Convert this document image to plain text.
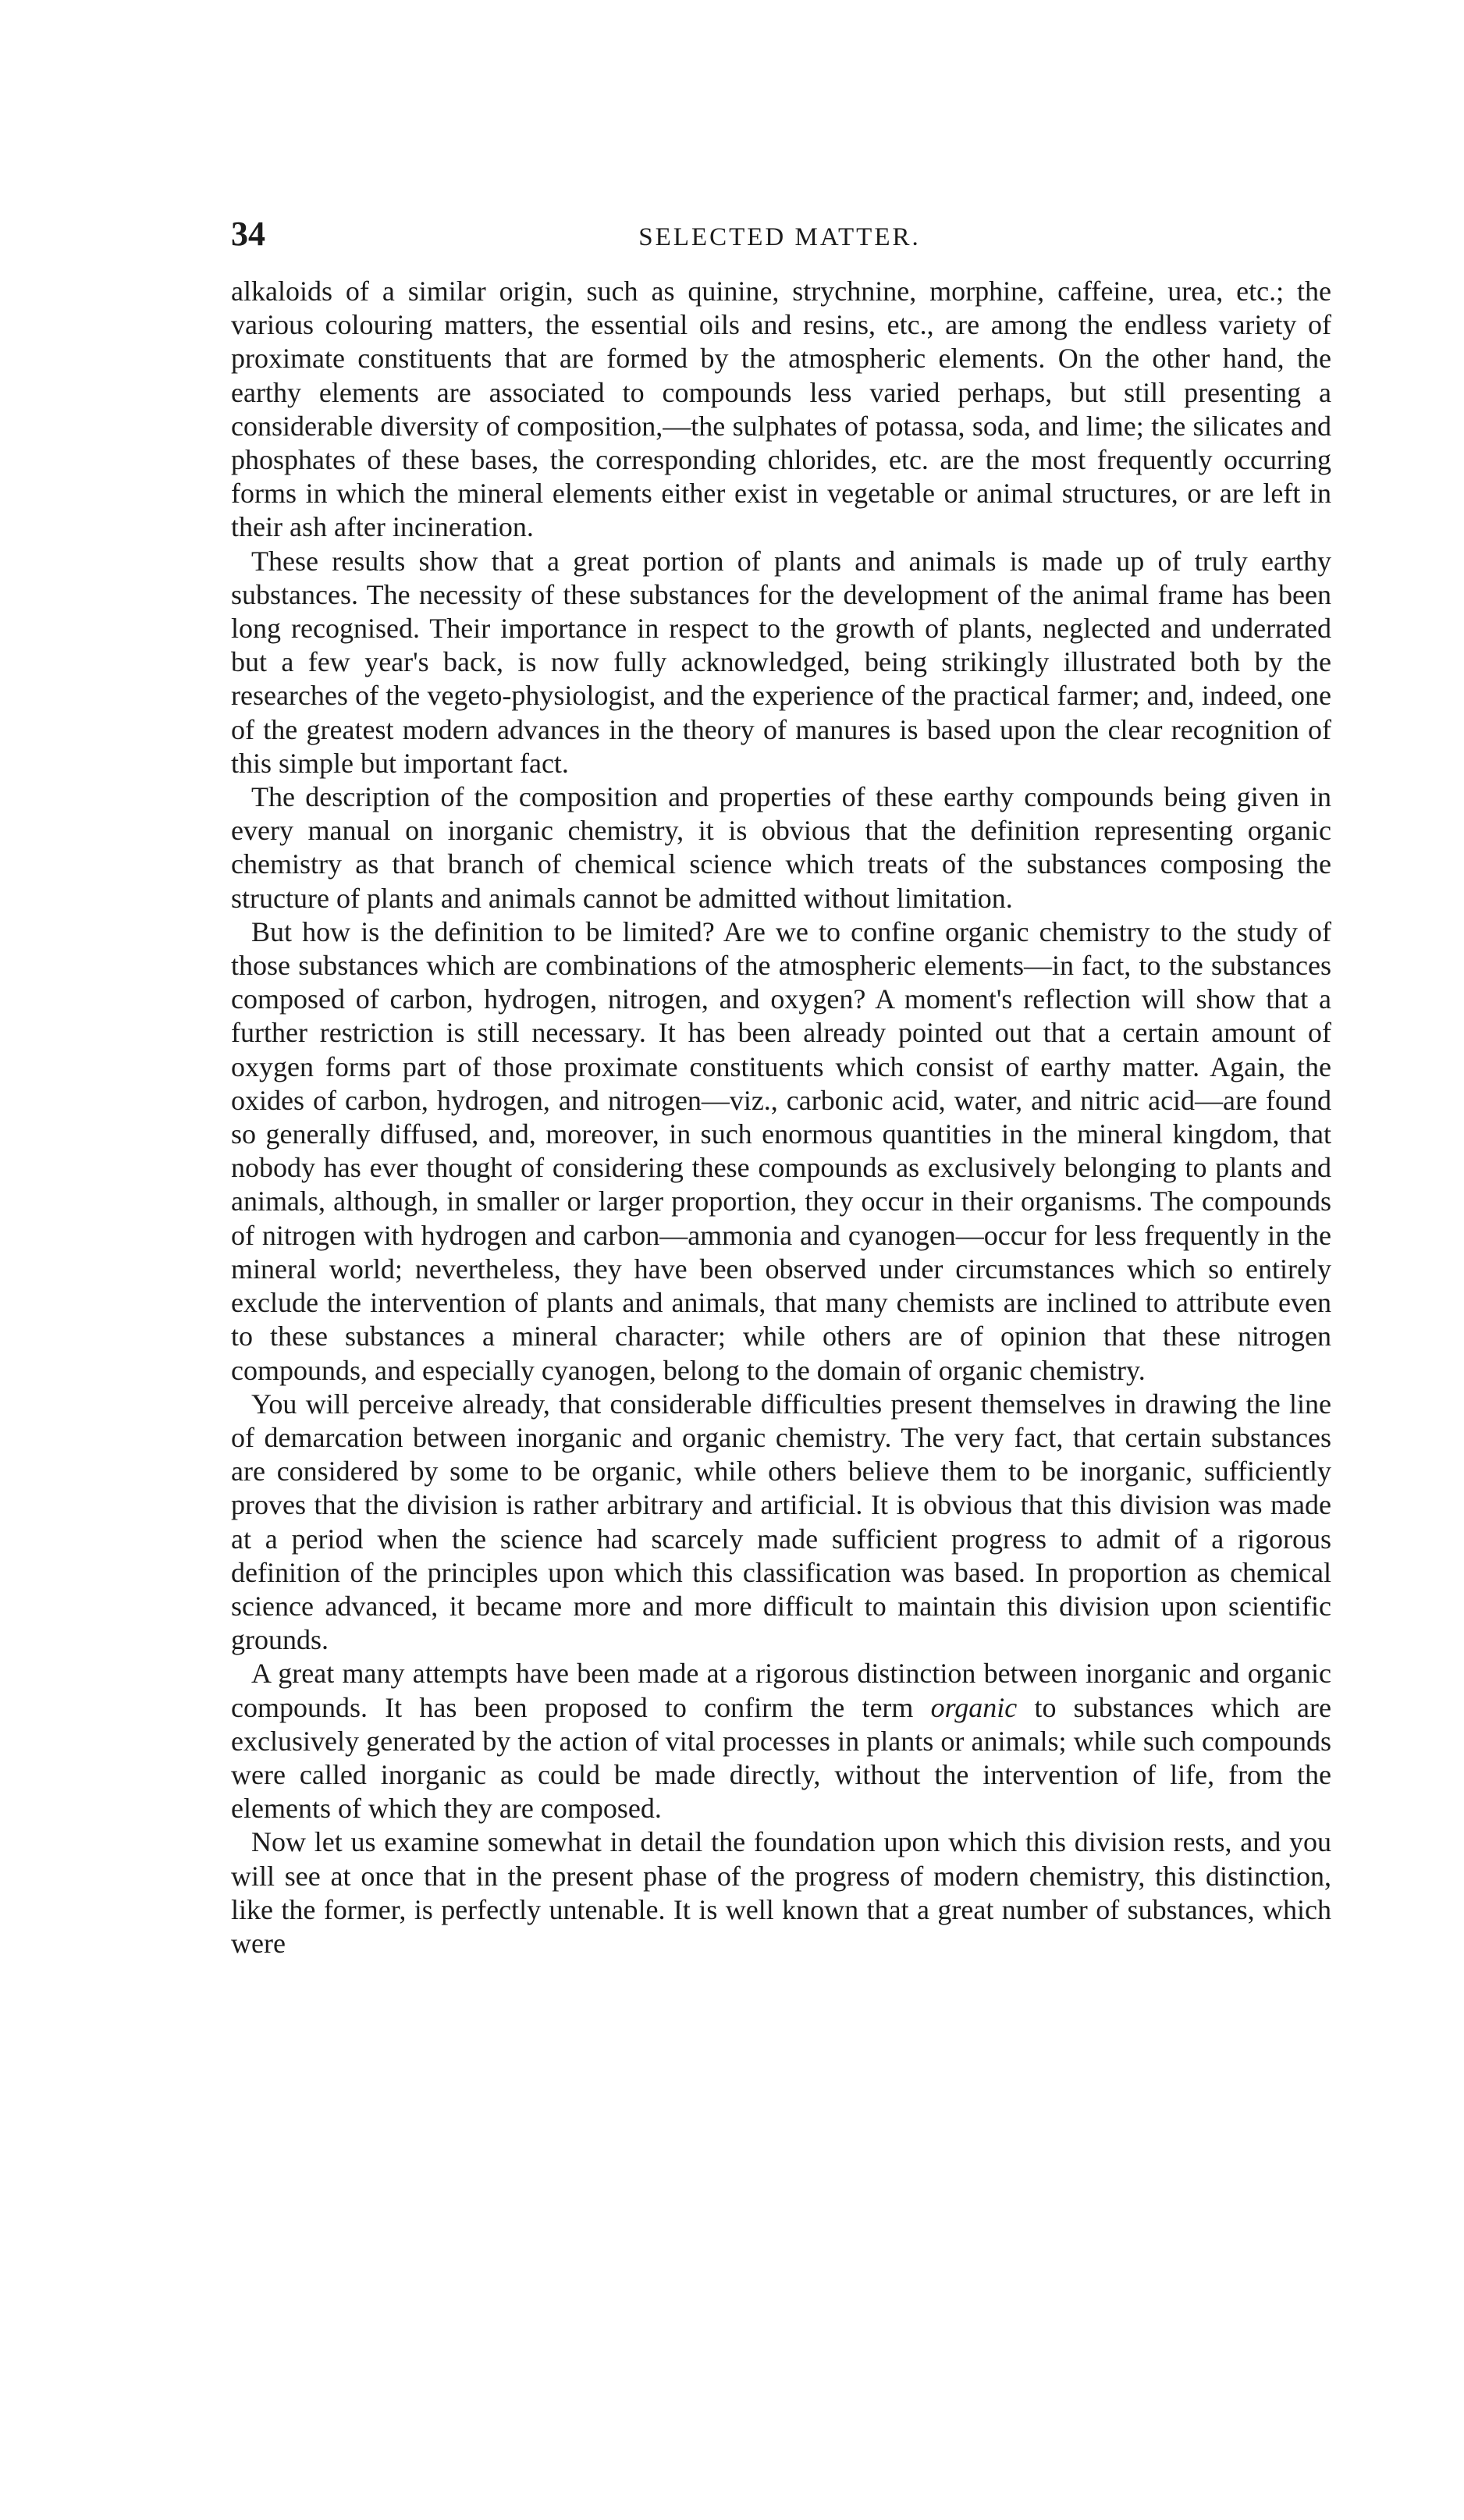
34	SELECTED MATTER.

alkaloids of a similar origin, such as quinine, strychnine, morphine, caffeine, urea, etc.; the various colouring matters, the essential oils and resins, etc., are among the endless variety of proximate constituents that are formed by the atmospheric elements. On the other hand, the earthy elements are associated to compounds less varied perhaps, but still presenting a considerable diversity of composition,—the sulphates of potassa, soda, and lime; the silicates and phosphates of these bases, the corresponding chlorides, etc. are the most frequently occurring forms in which the mineral elements either exist in vegetable or animal structures, or are left in their ash after incineration.

These results show that a great portion of plants and animals is made up of truly earthy substances. The necessity of these substances for the development of the animal frame has been long recognised. Their importance in respect to the growth of plants, neglected and underrated but a few year's back, is now fully acknowledged, being strikingly illustrated both by the researches of the vegeto-physiologist, and the experience of the practical farmer; and, indeed, one of the greatest modern advances in the theory of manures is based upon the clear recognition of this simple but important fact.

The description of the composition and properties of these earthy compounds being given in every manual on inorganic chemistry, it is obvious that the definition representing organic chemistry as that branch of chemical science which treats of the substances composing the structure of plants and animals cannot be admitted without limitation.

But how is the definition to be limited? Are we to confine organic chemistry to the study of those substances which are combinations of the atmospheric elements—in fact, to the substances composed of carbon, hydrogen, nitrogen, and oxygen? A moment's reflection will show that a further restriction is still necessary. It has been already pointed out that a certain amount of oxygen forms part of those proximate constituents which consist of earthy matter. Again, the oxides of carbon, hydrogen, and nitrogen—viz., carbonic acid, water, and nitric acid—are found so generally diffused, and, moreover, in such enormous quantities in the mineral kingdom, that nobody has ever thought of considering these compounds as exclusively belonging to plants and animals, although, in smaller or larger proportion, they occur in their organisms. The compounds of nitrogen with hydrogen and carbon—ammonia and cyanogen—occur for less frequently in the mineral world; nevertheless, they have been observed under circumstances which so entirely exclude the intervention of plants and animals, that many chemists are inclined to attribute even to these substances a mineral character; while others are of opinion that these nitrogen compounds, and especially cyanogen, belong to the domain of organic chemistry.

You will perceive already, that considerable difficulties present themselves in drawing the line of demarcation between inorganic and organic chemistry. The very fact, that certain substances are considered by some to be organic, while others believe them to be inorganic, sufficiently proves that the division is rather arbitrary and artificial. It is obvious that this division was made at a period when the science had scarcely made sufficient progress to admit of a rigorous definition of the principles upon which this classification was based. In proportion as chemical science advanced, it became more and more difficult to maintain this division upon scientific grounds.

A great many attempts have been made at a rigorous distinction between inorganic and organic compounds. It has been proposed to confirm the term organic to substances which are exclusively generated by the action of vital processes in plants or animals; while such compounds were called inorganic as could be made directly, without the intervention of life, from the elements of which they are composed.

Now let us examine somewhat in detail the foundation upon which this division rests, and you will see at once that in the present phase of the progress of modern chemistry, this distinction, like the former, is perfectly untenable. It is well known that a great number of substances, which were
